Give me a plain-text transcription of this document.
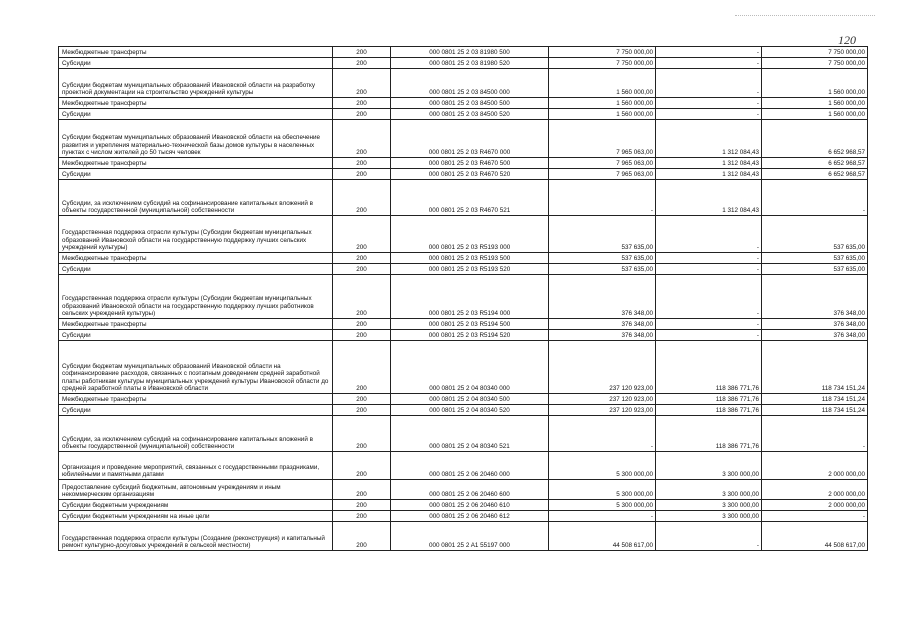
120
Межбюджетные трансферты	200	000 0801 25 2 03 81980 500	7 750 000,00	-	7 750 000,00
Субсидии	200	000 0801 25 2 03 81980 520	7 750 000,00	-	7 750 000,00
Субсидии бюджетам муниципальных образований Ивановской области на разработку проектной документации на строительство учреждений культуры	200	000 0801 25 2 03 84500 000	1 560 000,00	-	1 560 000,00
Межбюджетные трансферты	200	000 0801 25 2 03 84500 500	1 560 000,00	-	1 560 000,00
Субсидии	200	000 0801 25 2 03 84500 520	1 560 000,00	-	1 560 000,00
Субсидии бюджетам муниципальных образований Ивановской области на обеспечение развития и укрепления материально-технической базы домов культуры в населенных пунктах с числом жителей до 50 тысяч человек	200	000 0801 25 2 03 R4670 000	7 965 063,00	1 312 084,43	6 652 968,57
Межбюджетные трансферты	200	000 0801 25 2 03 R4670 500	7 965 063,00	1 312 084,43	6 652 968,57
Субсидии	200	000 0801 25 2 03 R4670 520	7 965 063,00	1 312 084,43	6 652 968,57
Субсидии, за исключением субсидий на софинансирование капитальных вложений в объекты государственной (муниципальной) собственности	200	000 0801 25 2 03 R4670 521	-	1 312 084,43	-
Государственная поддержка отрасли культуры (Субсидии бюджетам муниципальных образований Ивановской области на государственную поддержку лучших сельских учреждений культуры)	200	000 0801 25 2 03 R5193 000	537 635,00	-	537 635,00
Межбюджетные трансферты	200	000 0801 25 2 03 R5193 500	537 635,00	-	537 635,00
Субсидии	200	000 0801 25 2 03 R5193 520	537 635,00	-	537 635,00
Государственная поддержка отрасли культуры (Субсидии бюджетам муниципальных образований Ивановской области на государственную поддержку лучших работников сельских учреждений культуры)	200	000 0801 25 2 03 R5194 000	376 348,00	-	376 348,00
Межбюджетные трансферты	200	000 0801 25 2 03 R5194 500	376 348,00	-	376 348,00
Субсидии	200	000 0801 25 2 03 R5194 520	376 348,00	-	376 348,00
Субсидии бюджетам муниципальных образований Ивановской области на софинансирование расходов, связанных с поэтапным доведением средней заработной платы работникам культуры муниципальных учреждений культуры Ивановской области до средней заработной платы в Ивановской области	200	000 0801 25 2 04 80340 000	237 120 923,00	118 386 771,76	118 734 151,24
Межбюджетные трансферты	200	000 0801 25 2 04 80340 500	237 120 923,00	118 386 771,76	118 734 151,24
Субсидии	200	000 0801 25 2 04 80340 520	237 120 923,00	118 386 771,76	118 734 151,24
Субсидии, за исключением субсидий на софинансирование капитальных вложений в объекты государственной (муниципальной) собственности	200	000 0801 25 2 04 80340 521	-	118 386 771,76	-
Организация и проведение мероприятий, связанных с государственными праздниками, юбилейными и памятными датами	200	000 0801 25 2 06 20460 000	5 300 000,00	3 300 000,00	2 000 000,00
Предоставление субсидий бюджетным, автономным учреждениям и иным некоммерческим организациям	200	000 0801 25 2 06 20460 600	5 300 000,00	3 300 000,00	2 000 000,00
Субсидии бюджетным учреждениям	200	000 0801 25 2 06 20460 610	5 300 000,00	3 300 000,00	2 000 000,00
Субсидии бюджетным учреждениям на иные цели	200	000 0801 25 2 06 20460 612	-	3 300 000,00	-
Государственная поддержка отрасли культуры (Создание (реконструкция) и капитальный ремонт культурно-досуговых учреждений в сельской местности)	200	000 0801 25 2 A1 55197 000	44 508 617,00	-	44 508 617,00
